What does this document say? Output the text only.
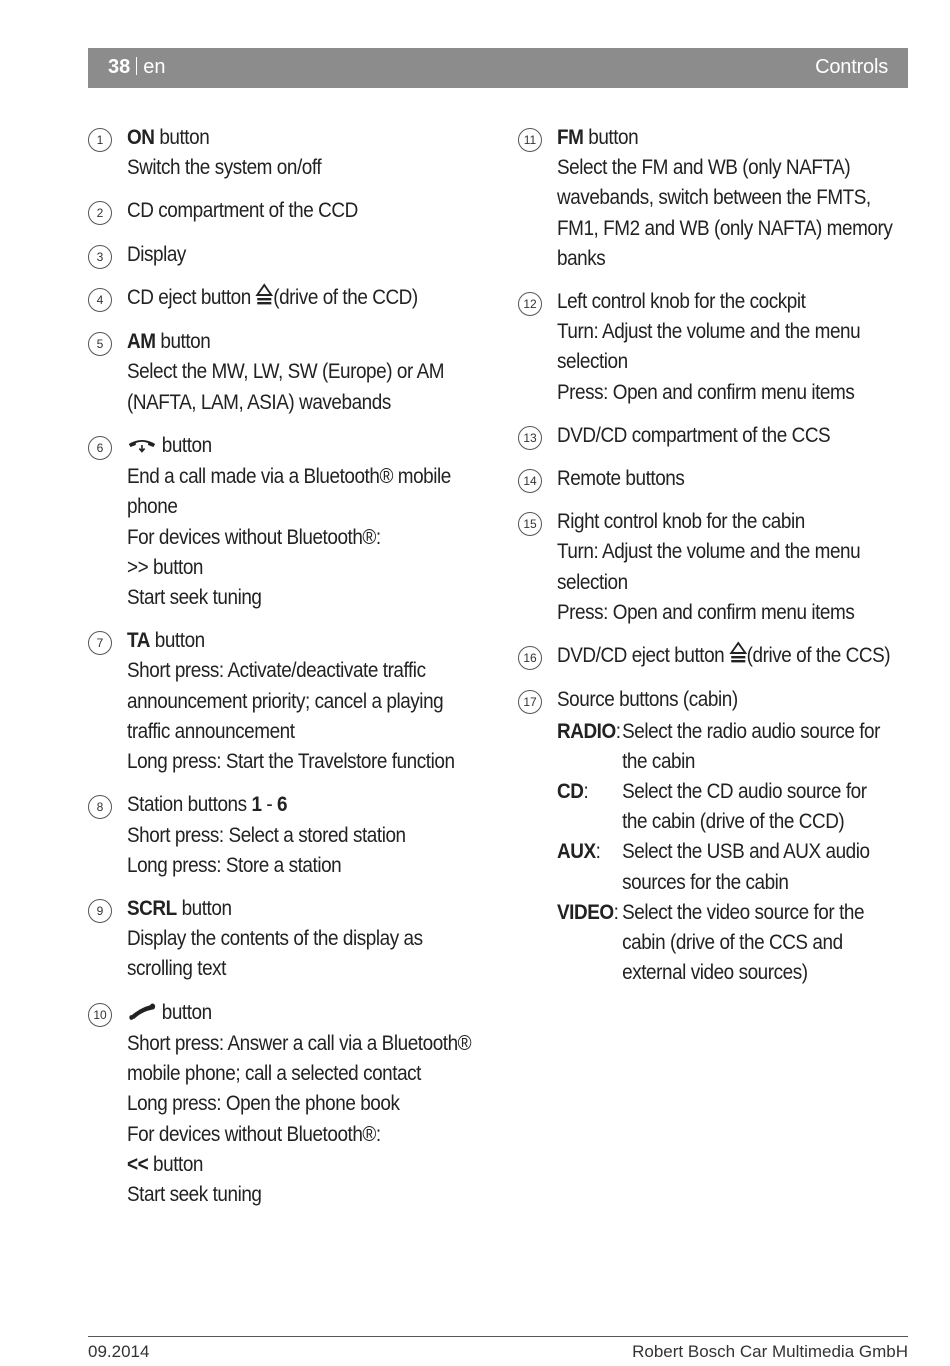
38 en	Controls
1	ON button
Switch the system on/off
2	CD compartment of the CCD
3	Display
4	CD eject button (drive of the CCD)
5	AM button
Select the MW, LW, SW (Europe) or AM
(NAFTA, LAM, ASIA) wavebands
6	button
End a call made via a Bluetooth® mobile
phone
For devices without Bluetooth®:
>> button
Start seek tuning
7	TA button
Short press: Activate/deactivate traffic
announcement priority; cancel a playing
traffic announcement
Long press: Start the Travelstore function
8	Station buttons 1 - 6
Short press: Select a stored station
Long press: Store a station
9	SCRL button
Display the contents of the display as
scrolling text
10	button
Short press: Answer a call via a Bluetooth®
mobile phone; call a selected contact
Long press: Open the phone book
For devices without Bluetooth®:
<< button
Start seek tuning
11 FM button
Select the FM and WB (only NAFTA)
wavebands, switch between the FMTS,
FM1, FM2 and WB (only NAFTA) memory
banks
12 Left control knob for the cockpit
Turn: Adjust the volume and the menu
selection
Press: Open and confirm menu items
13 DVD/CD compartment of the CCS
14 Remote buttons
15 Right control knob for the cabin
Turn: Adjust the volume and the menu
selection
Press: Open and confirm menu items
16 DVD/CD eject button (drive of the CCS)
17 Source buttons (cabin)
RADIO: Select the radio audio source for
the cabin
CD:	Select the CD audio source for
the cabin (drive of the CCD)
AUX:	Select the USB and AUX audio
sources for the cabin
VIDEO: Select the video source for the
cabin (drive of the CCS and
external video sources)
09.2014	Robert Bosch Car Multimedia GmbH
